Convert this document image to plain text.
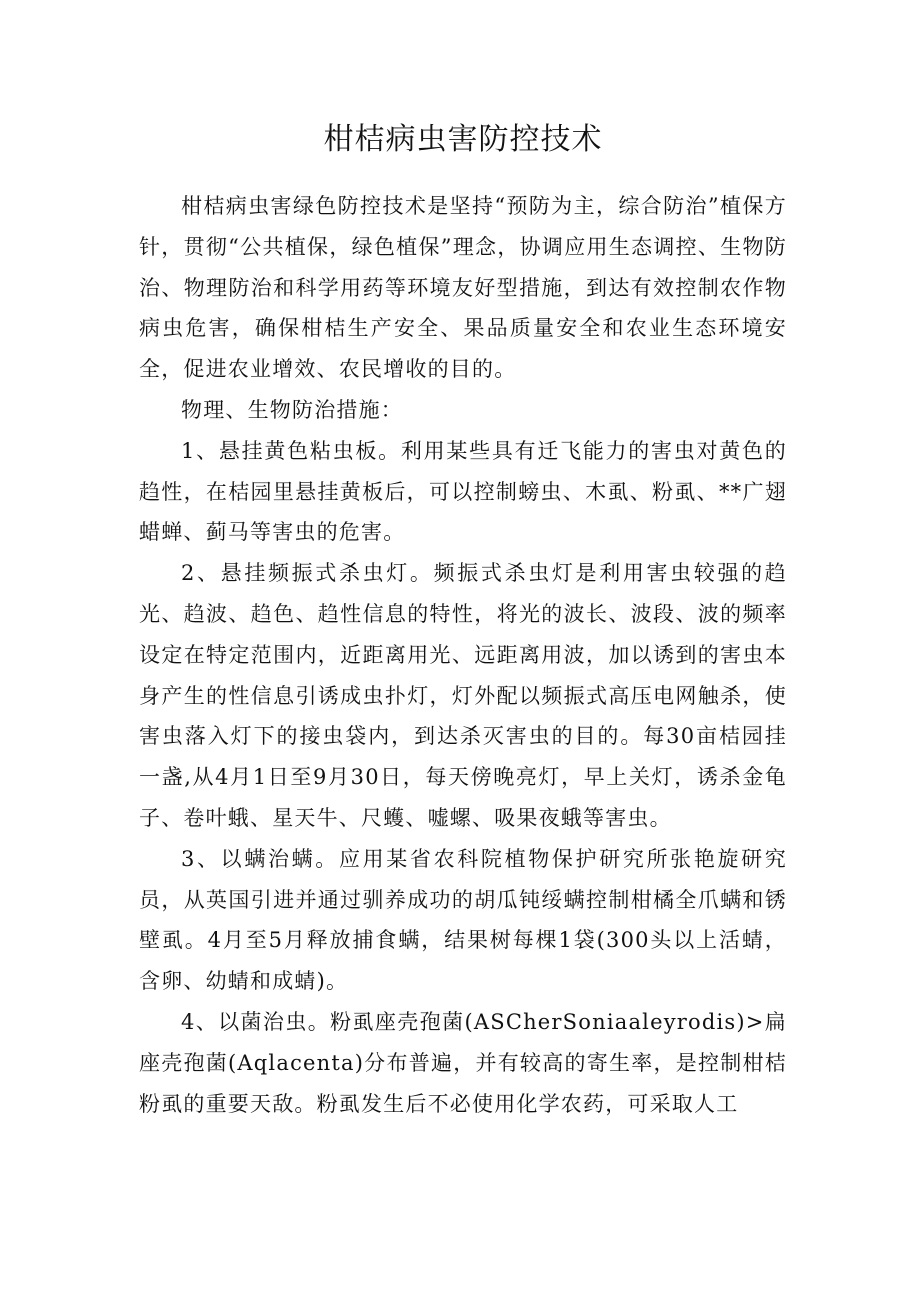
柑桔病虫害防控技术

柑桔病虫害绿色防控技术是坚持“预防为主，综合防治”植保方针，贯彻“公共植保，绿色植保”理念，协调应用生态调控、生物防治、物理防治和科学用药等环境友好型措施，到达有效控制农作物病虫危害，确保柑桔生产安全、果品质量安全和农业生态环境安全，促进农业增效、农民增收的目的。

物理、生物防治措施：

1、悬挂黄色粘虫板。利用某些具有迁飞能力的害虫对黄色的趋性，在桔园里悬挂黄板后，可以控制螃虫、木虱、粉虱、**广翅蜡蝉、蓟马等害虫的危害。

2、悬挂频振式杀虫灯。频振式杀虫灯是利用害虫较强的趋光、趋波、趋色、趋性信息的特性，将光的波长、波段、波的频率设定在特定范围内，近距离用光、远距离用波，加以诱到的害虫本身产生的性信息引诱成虫扑灯，灯外配以频振式高压电网触杀，使害虫落入灯下的接虫袋内，到达杀灭害虫的目的。每30亩桔园挂一盏,从4月1日至9月30日，每天傍晚亮灯，早上关灯，诱杀金龟子、卷叶蛾、星天牛、尺蠖、嘘螺、吸果夜蛾等害虫。

3、以螨治螨。应用某省农科院植物保护研究所张艳旋研究员，从英国引进并通过驯养成功的胡瓜钝绥螨控制柑橘全爪螨和锈壁虱。4月至5月释放捕食螨，结果树每棵1袋(300头以上活蜻，含卵、幼蜻和成蜻)。

4、以菌治虫。粉虱座壳孢菌(ASCherSoniaaleyrodis)>扁座壳孢菌(Aqlacenta)分布普遍，并有较高的寄生率，是控制柑桔粉虱的重要天敌。粉虱发生后不必使用化学农药，可采取人工
